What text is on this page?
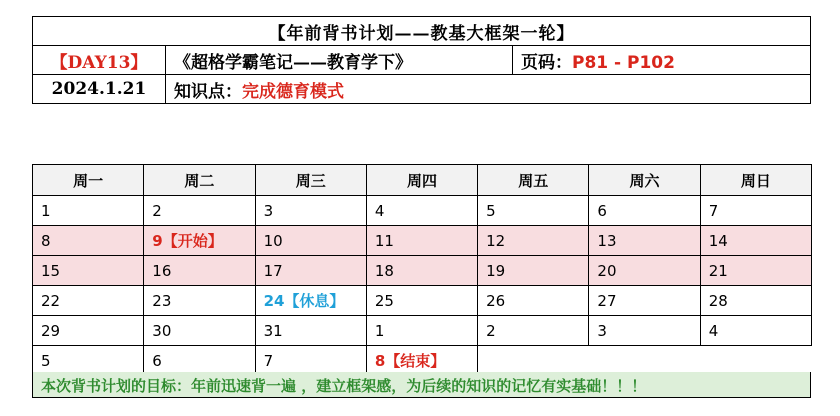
【年前背书计划——教基大框架一轮】		
【DAY13】	《超格学霸笔记——教育学下》	页码：P81 - P102
2024.1.21	知识点：完成德育模式	
周一	周二	周三	周四	周五	周六	周日
1	2	3	4	5	6	7
8	9【开始】	10	11	12	13	14
15	16	17	18	19	20	21
22	23	24【休息】	25	26	27	28
29	30	31	1	2	3	4
5	6	7	8【结束】			
本次背书计划的目标：年前迅速背一遍 ，建立框架感，为后续的知识的记忆有实基础！！！
